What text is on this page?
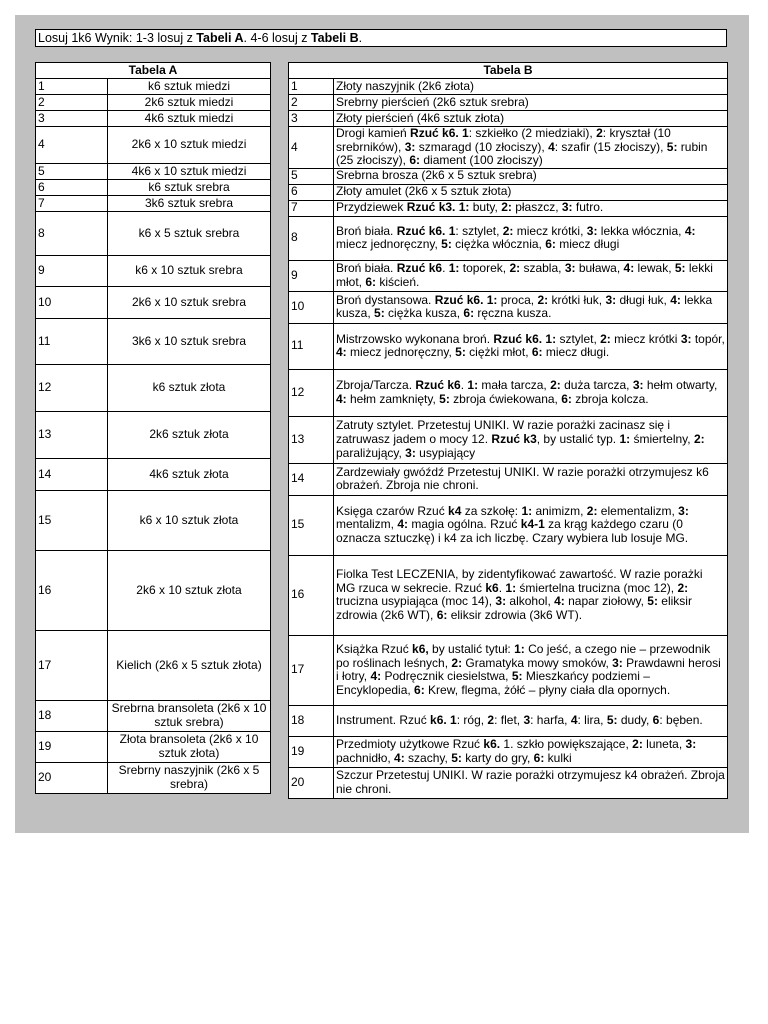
Losuj 1k6 Wynik: 1-3 losuj z Tabeli A. 4-6 losuj z Tabeli B.
Tabela A	
1	k6 sztuk miedzi
2	2k6 sztuk miedzi
3	4k6 sztuk miedzi
4	2k6 x 10 sztuk miedzi
5	4k6 x 10 sztuk miedzi
6	k6 sztuk srebra
7	3k6 sztuk srebra
8	k6 x 5 sztuk srebra
9	k6 x 10 sztuk srebra
10	2k6 x 10 sztuk srebra
11	3k6 x 10 sztuk srebra
12	k6 sztuk złota
13	2k6 sztuk złota
14	4k6 sztuk złota
15	k6 x 10 sztuk złota
16	2k6 x 10 sztuk złota
17	Kielich (2k6 x 5 sztuk złota)
18	Srebrna bransoleta (2k6 x 10 sztuk srebra)
19	Złota bransoleta (2k6 x 10 sztuk złota)
20	Srebrny naszyjnik (2k6 x 5 srebra)
Tabela B	
1	Złoty naszyjnik (2k6 złota)
2	Srebrny pierścień (2k6 sztuk srebra)
3	Złoty pierścień (4k6 sztuk złota)
4	Drogi kamień Rzuć k6. 1: szkiełko (2 miedziaki), 2: kryształ (10 srebrników), 3: szmaragd (10 złociszy), 4: szafir (15 złociszy), 5: rubin (25 złociszy), 6: diament (100 złociszy)
5	Srebrna brosza (2k6 x 5 sztuk srebra)
6	Złoty amulet (2k6 x 5 sztuk złota)
7	Przydziewek Rzuć k3. 1: buty, 2: płaszcz, 3: futro.
8	Broń biała. Rzuć k6. 1: sztylet, 2: miecz krótki, 3: lekka włócznia, 4: miecz jednoręczny, 5: ciężka włócznia, 6: miecz długi
9	Broń biała. Rzuć k6. 1: toporek, 2: szabla, 3: buława, 4: lewak, 5: lekki młot, 6: kiścień.
10	Broń dystansowa. Rzuć k6. 1: proca, 2: krótki łuk, 3: długi łuk, 4: lekka kusza, 5: ciężka kusza, 6: ręczna kusza.
11	Mistrzowsko wykonana broń. Rzuć k6. 1: sztylet, 2: miecz krótki 3: topór, 4: miecz jednoręczny, 5: ciężki młot, 6: miecz długi.
12	Zbroja/Tarcza. Rzuć k6. 1: mała tarcza, 2: duża tarcza, 3: hełm otwarty, 4: hełm zamknięty, 5: zbroja ćwiekowana, 6: zbroja kolcza.
13	Zatruty sztylet. Przetestuj UNIKI. W razie porażki zacinasz się i zatruwasz jadem o mocy 12. Rzuć k3, by ustalić typ. 1: śmiertelny, 2: paraliżujący, 3: usypiający
14	Zardzewiały gwóźdź Przetestuj UNIKI. W razie porażki otrzymujesz k6 obrażeń. Zbroja nie chroni.
15	Księga czarów Rzuć k4 za szkołę: 1: animizm, 2: elementalizm, 3: mentalizm, 4: magia ogólna. Rzuć k4-1 za krąg każdego czaru (0 oznacza sztuczkę) i k4 za ich liczbę. Czary wybiera lub losuje MG.
16	Fiolka Test LECZENIA, by zidentyfikować zawartość. W razie porażki MG rzuca w sekrecie. Rzuć k6. 1: śmiertelna trucizna (moc 12), 2: trucizna usypiająca (moc 14), 3: alkohol, 4: napar ziołowy, 5: eliksir zdrowia (2k6 WT), 6: eliksir zdrowia (3k6 WT).
17	Książka Rzuć k6, by ustalić tytuł: 1: Co jeść, a czego nie – przewodnik po roślinach leśnych, 2: Gramatyka mowy smoków, 3: Prawdawni herosi i łotry, 4: Podręcznik ciesielstwa, 5: Mieszkańcy podziemi – Encyklopedia, 6: Krew, flegma, żółć – płyny ciała dla opornych.
18	Instrument. Rzuć k6. 1: róg, 2: flet, 3: harfa, 4: lira, 5: dudy, 6: bęben.
19	Przedmioty użytkowe Rzuć k6. 1. szkło powiększające, 2: luneta, 3: pachnidło, 4: szachy, 5: karty do gry, 6: kulki
20	Szczur Przetestuj UNIKI. W razie porażki otrzymujesz k4 obrażeń. Zbroja nie chroni.
